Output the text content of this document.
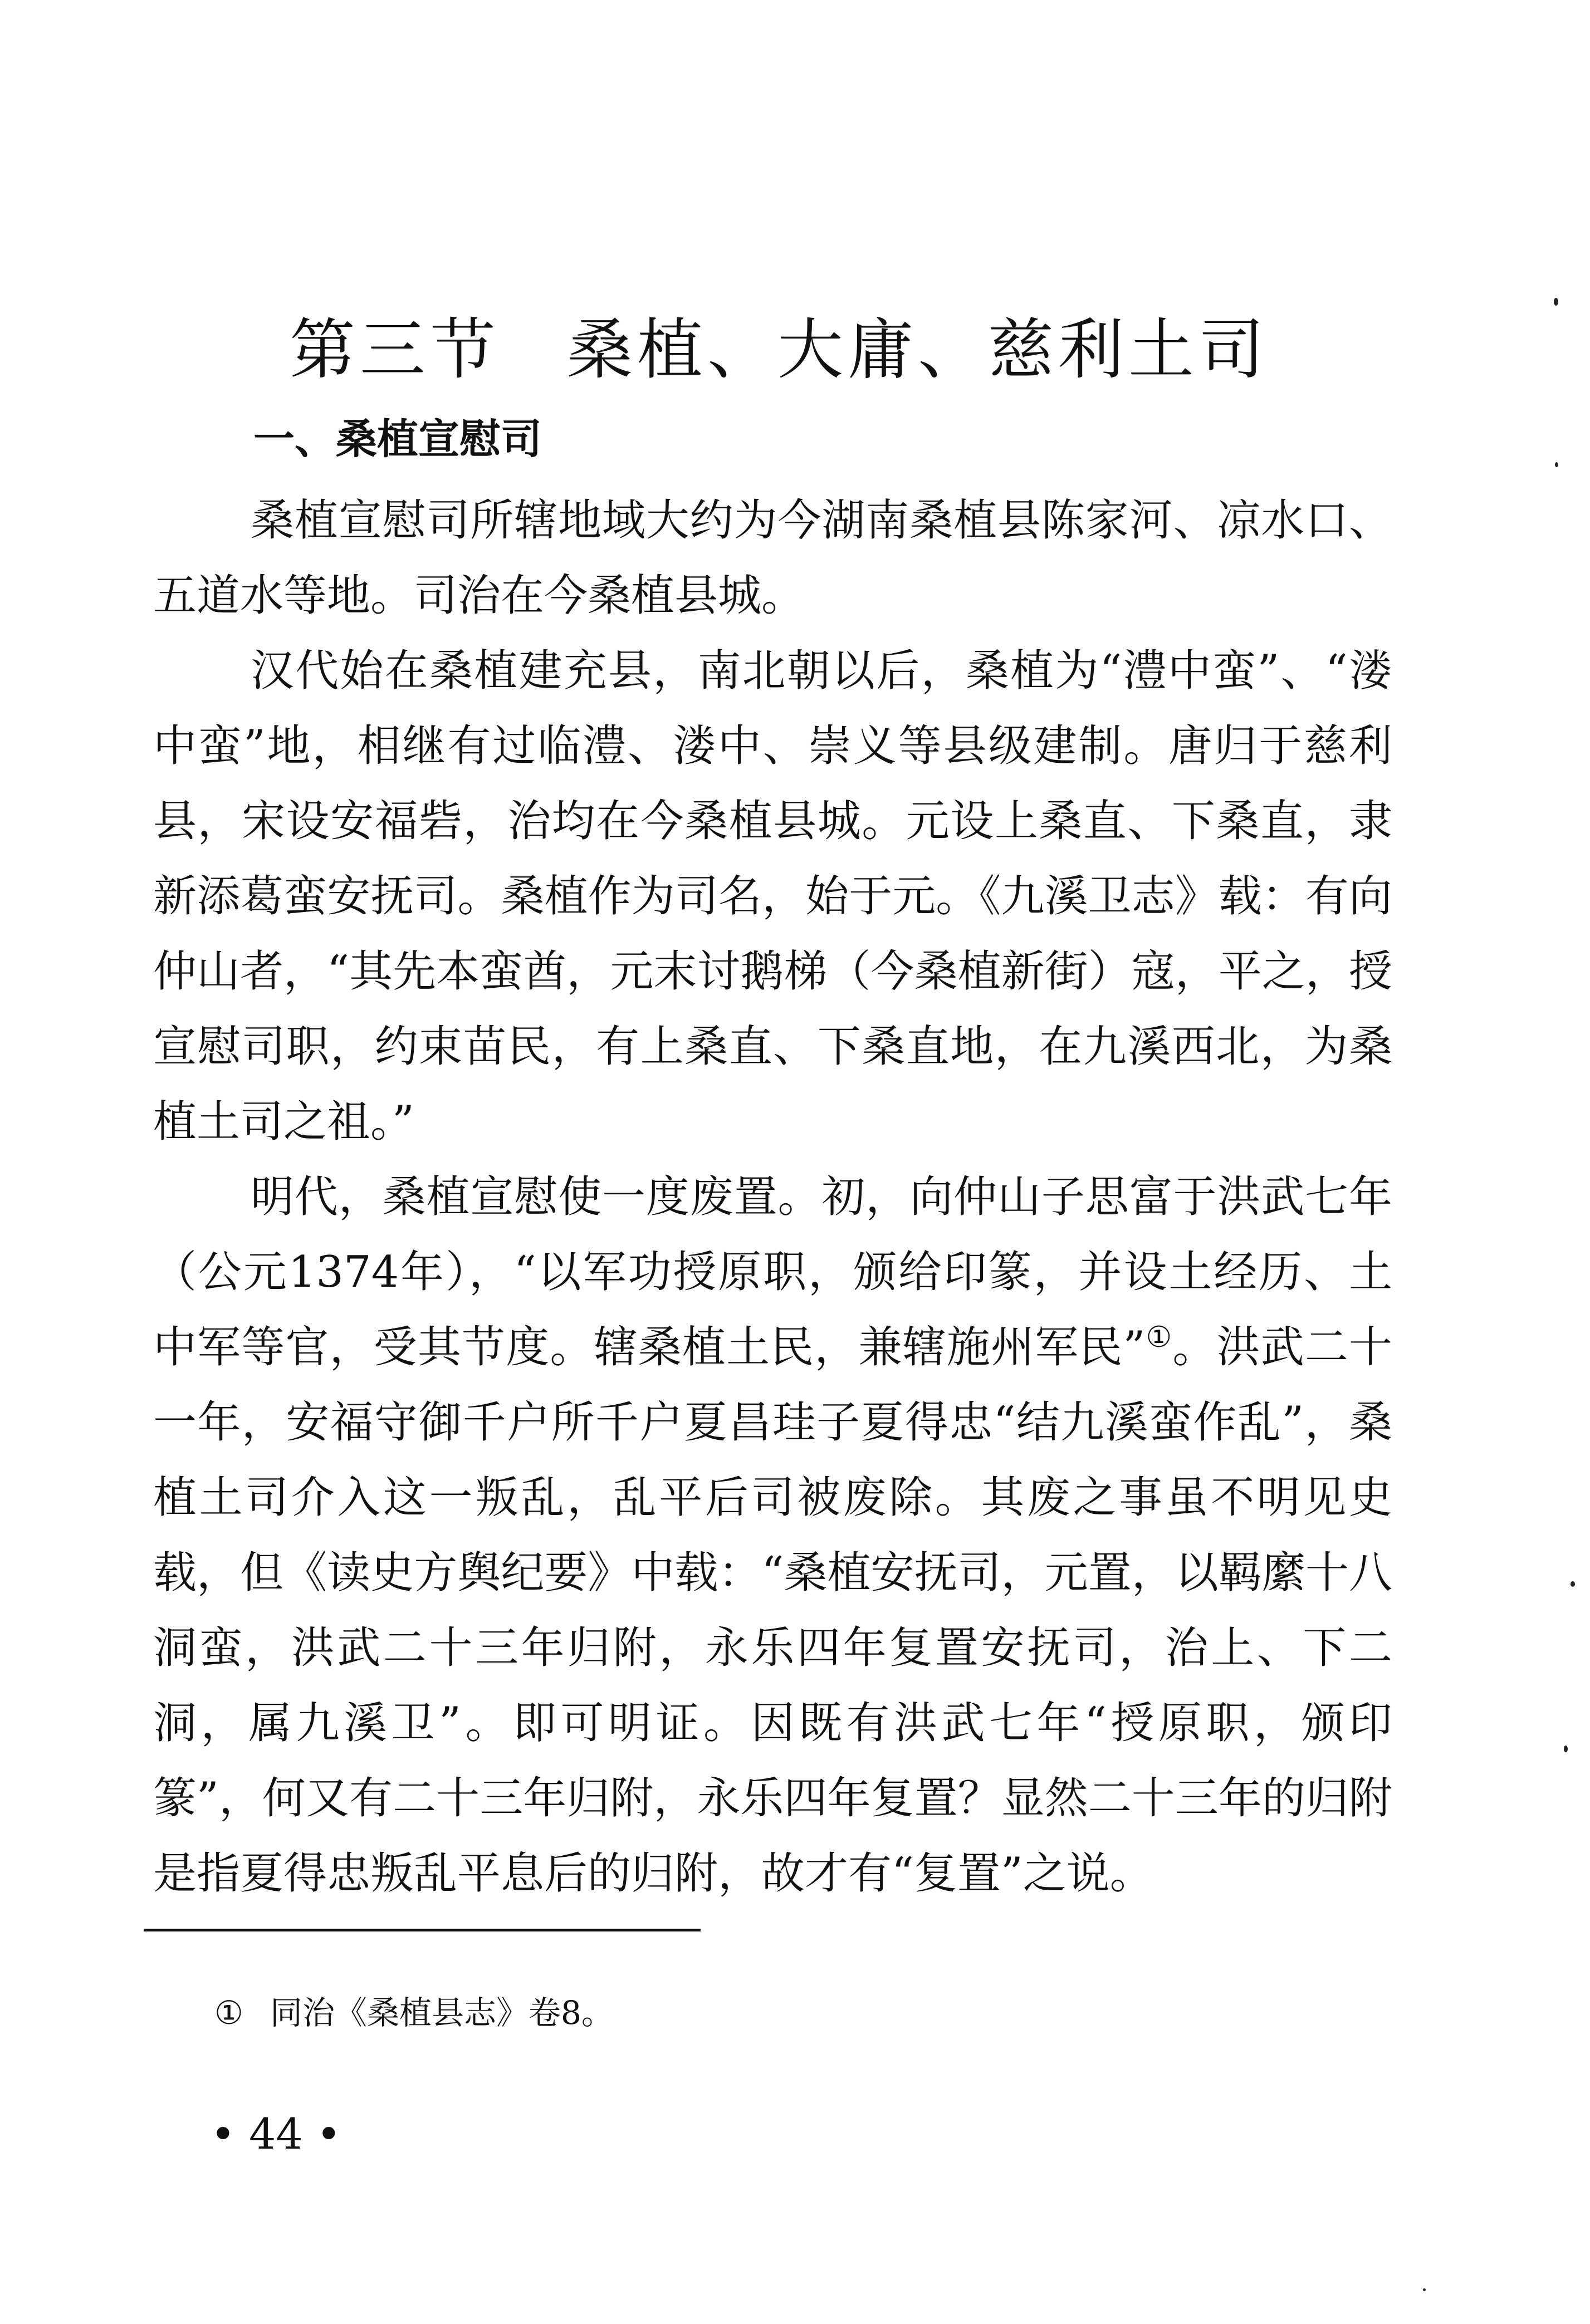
第三节 桑植、大庸、慈利土司
一、桑植宣慰司

桑植宣慰司所辖地域大约为今湖南桑植县陈家河、凉水口、五道水等地。司治在今桑植县城。

汉代始在桑植建充县，南北朝以后，桑植为“澧中蛮”、“溇中蛮”地，相继有过临澧、溇中、崇义等县级建制。唐归于慈利县，宋设安福砦，治均在今桑植县城。元设上桑直、下桑直，隶新添葛蛮安抚司。桑植作为司名，始于元。《九溪卫志》载：有向仲山者，“其先本蛮酋，元末讨鹅梯（今桑植新街）寇，平之，授宣慰司职，约束苗民，有上桑直、下桑直地，在九溪西北，为桑植土司之祖。”

明代，桑植宣慰使一度废置。初，向仲山子思富于洪武七年（公元1374年），“以军功授原职，颁给印篆，并设土经历、土中军等官，受其节度。辖桑植土民，兼辖施州军民”①。洪武二十一年，安福守御千户所千户夏昌珪子夏得忠“结九溪蛮作乱”，桑植土司介入这一叛乱，乱平后司被废除。其废之事虽不明见史载，但《读史方舆纪要》中载：“桑植安抚司，元置，以羁縻十八洞蛮，洪武二十三年归附，永乐四年复置安抚司，治上、下二洞，属九溪卫”。即可明证。因既有洪武七年“授原职，颁印篆”，何又有二十三年归附，永乐四年复置？显然二十三年的归附是指夏得忠叛乱平息后的归附，故才有“复置”之说。

① 同治《桑植县志》卷8。
• 44 •
